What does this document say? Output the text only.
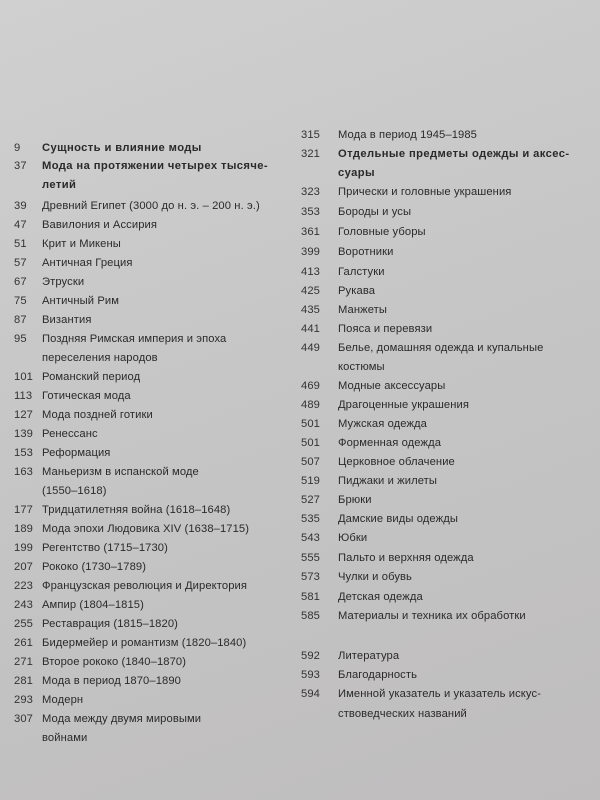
9	Сущность и влияние моды
37	Мода на протяжении четырех тысяче-
летий
39	Древний Египет (3000 до н. э. – 200 н. э.)
47	Вавилония и Ассирия
51	Крит и Микены
57	Античная Греция
67	Этруски
75	Античный Рим
87	Византия
95	Поздняя Римская империя и эпоха
переселения народов
101 Романский период
113 Готическая мода
127 Мода поздней готики
139 Ренессанс
153 Реформация
163 Маньеризм в испанской моде
(1550–1618)
177 Тридцатилетняя война (1618–1648)
189 Мода эпохи Людовика XIV (1638–1715)
199 Регентство (1715–1730)
207 Рококо (1730–1789)
223 Французская революция и Директория
243 Ампир (1804–1815)
255 Реставрация (1815–1820)
261 Бидермейер и романтизм (1820–1840)
271 Второе рококо (1840–1870)
281 Мода в период 1870–1890
293 Модерн
307 Мода между двумя мировыми
войнами
315	Мода в период 1945–1985
321	Отдельные предметы одежды и аксес-
суары
323	Прически и головные украшения
353	Бороды и усы
361	Головные уборы
399	Воротники
413	Галстуки
425	Рукава
435	Манжеты
441	Пояса и перевязи
449	Белье, домашняя одежда и купальные
костюмы
469	Модные аксессуары
489	Драгоценные украшения
501	Мужская одежда
501	Форменная одежда
507	Церковное облачение
519	Пиджаки и жилеты
527	Брюки
535	Дамские виды одежды
543	Юбки
555	Пальто и верхняя одежда
573	Чулки и обувь
581	Детская одежда
585	Материалы и техника их обработки
592	Литература
593	Благодарность
594	Именной указатель и указатель искус-
ствоведческих названий
